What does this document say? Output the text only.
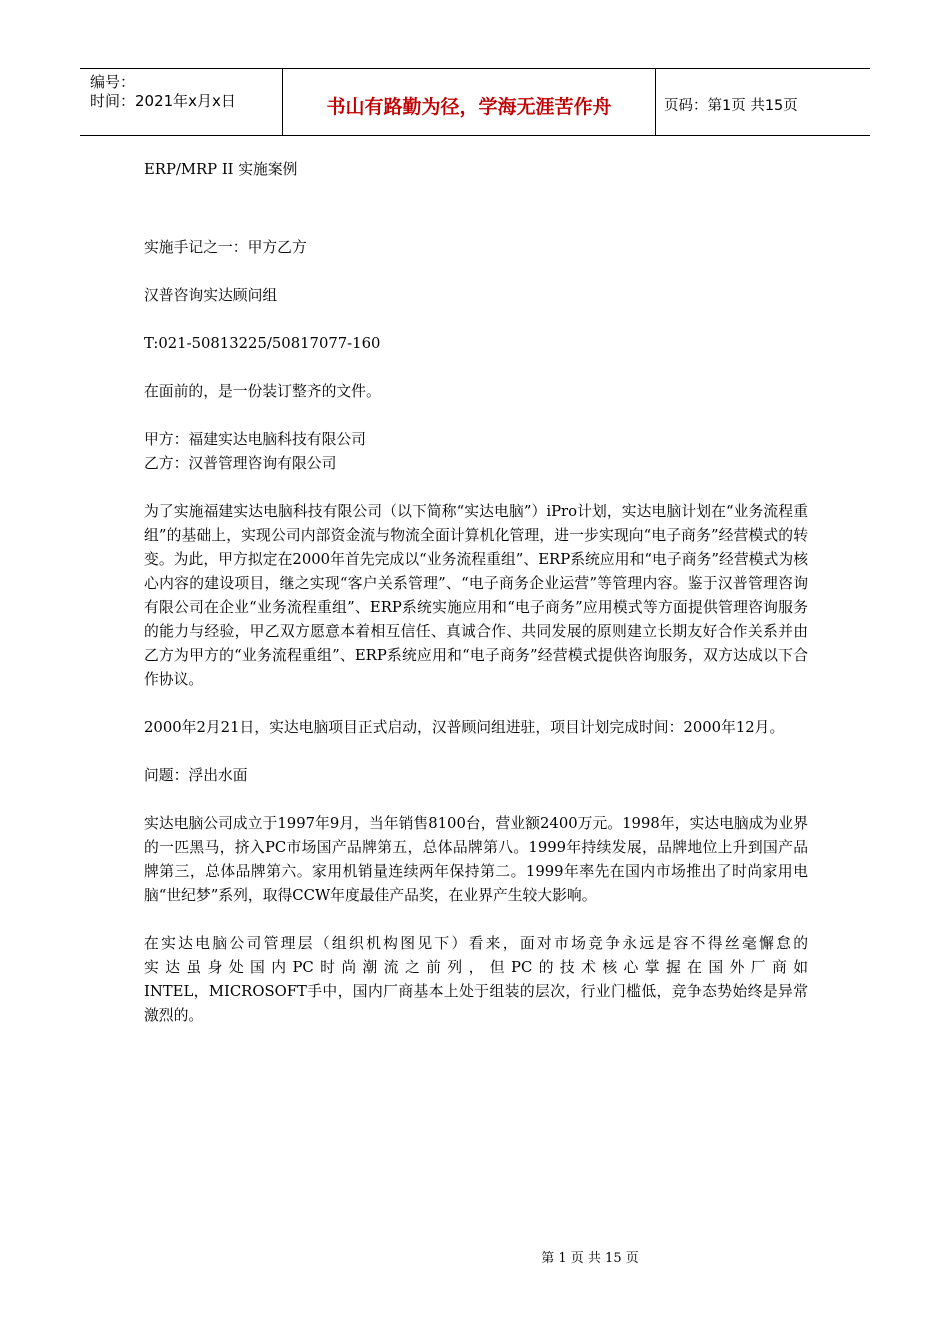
编号：
时间：2021年x月x日	书山有路勤为径，学海无涯苦作舟	页码：第1页 共15页

ERP/MRP II 实施案例

实施手记之一：甲方乙方

汉普咨询实达顾问组

T:021-50813225/50817077-160

在面前的，是一份装订整齐的文件。

甲方：福建实达电脑科技有限公司

乙方：汉普管理咨询有限公司

为了实施福建实达电脑科技有限公司（以下简称“实达电脑”）iPro计划，实达电脑计划在“业务流程重组”的基础上，实现公司内部资金流与物流全面计算机化管理，进一步实现向“电子商务”经营模式的转变。为此，甲方拟定在2000年首先完成以“业务流程重组”、ERP系统应用和“电子商务”经营模式为核心内容的建设项目，继之实现“客户关系管理”、“电子商务企业运营”等管理内容。鉴于汉普管理咨询有限公司在企业“业务流程重组”、ERP系统实施应用和“电子商务”应用模式等方面提供管理咨询服务的能力与经验，甲乙双方愿意本着相互信任、真诚合作、共同发展的原则建立长期友好合作关系并由乙方为甲方的“业务流程重组”、ERP系统应用和“电子商务”经营模式提供咨询服务，双方达成以下合作协议。

2000年2月21日，实达电脑项目正式启动，汉普顾问组进驻，项目计划完成时间：2000年12月。

问题：浮出水面

实达电脑公司成立于1997年9月，当年销售8100台，营业额2400万元。1998年，实达电脑成为业界的一匹黑马，挤入PC市场国产品牌第五，总体品牌第八。1999年持续发展，品牌地位上升到国产品牌第三，总体品牌第六。家用机销量连续两年保持第二。1999年率先在国内市场推出了时尚家用电脑“世纪梦”系列，取得CCW年度最佳产品奖，在业界产生较大影响。

在实达电脑公司管理层（组织机构图见下）看来，面对市场竞争永远是容不得丝毫懈怠的

实达虽身处国内PC时尚潮流之前列，但PC的技术核心掌握在国外厂商如

INTEL，MICROSOFT手中，国内厂商基本上处于组装的层次，行业门槛低，竞争态势始终是异常激烈的。

第 1 页 共 15 页
